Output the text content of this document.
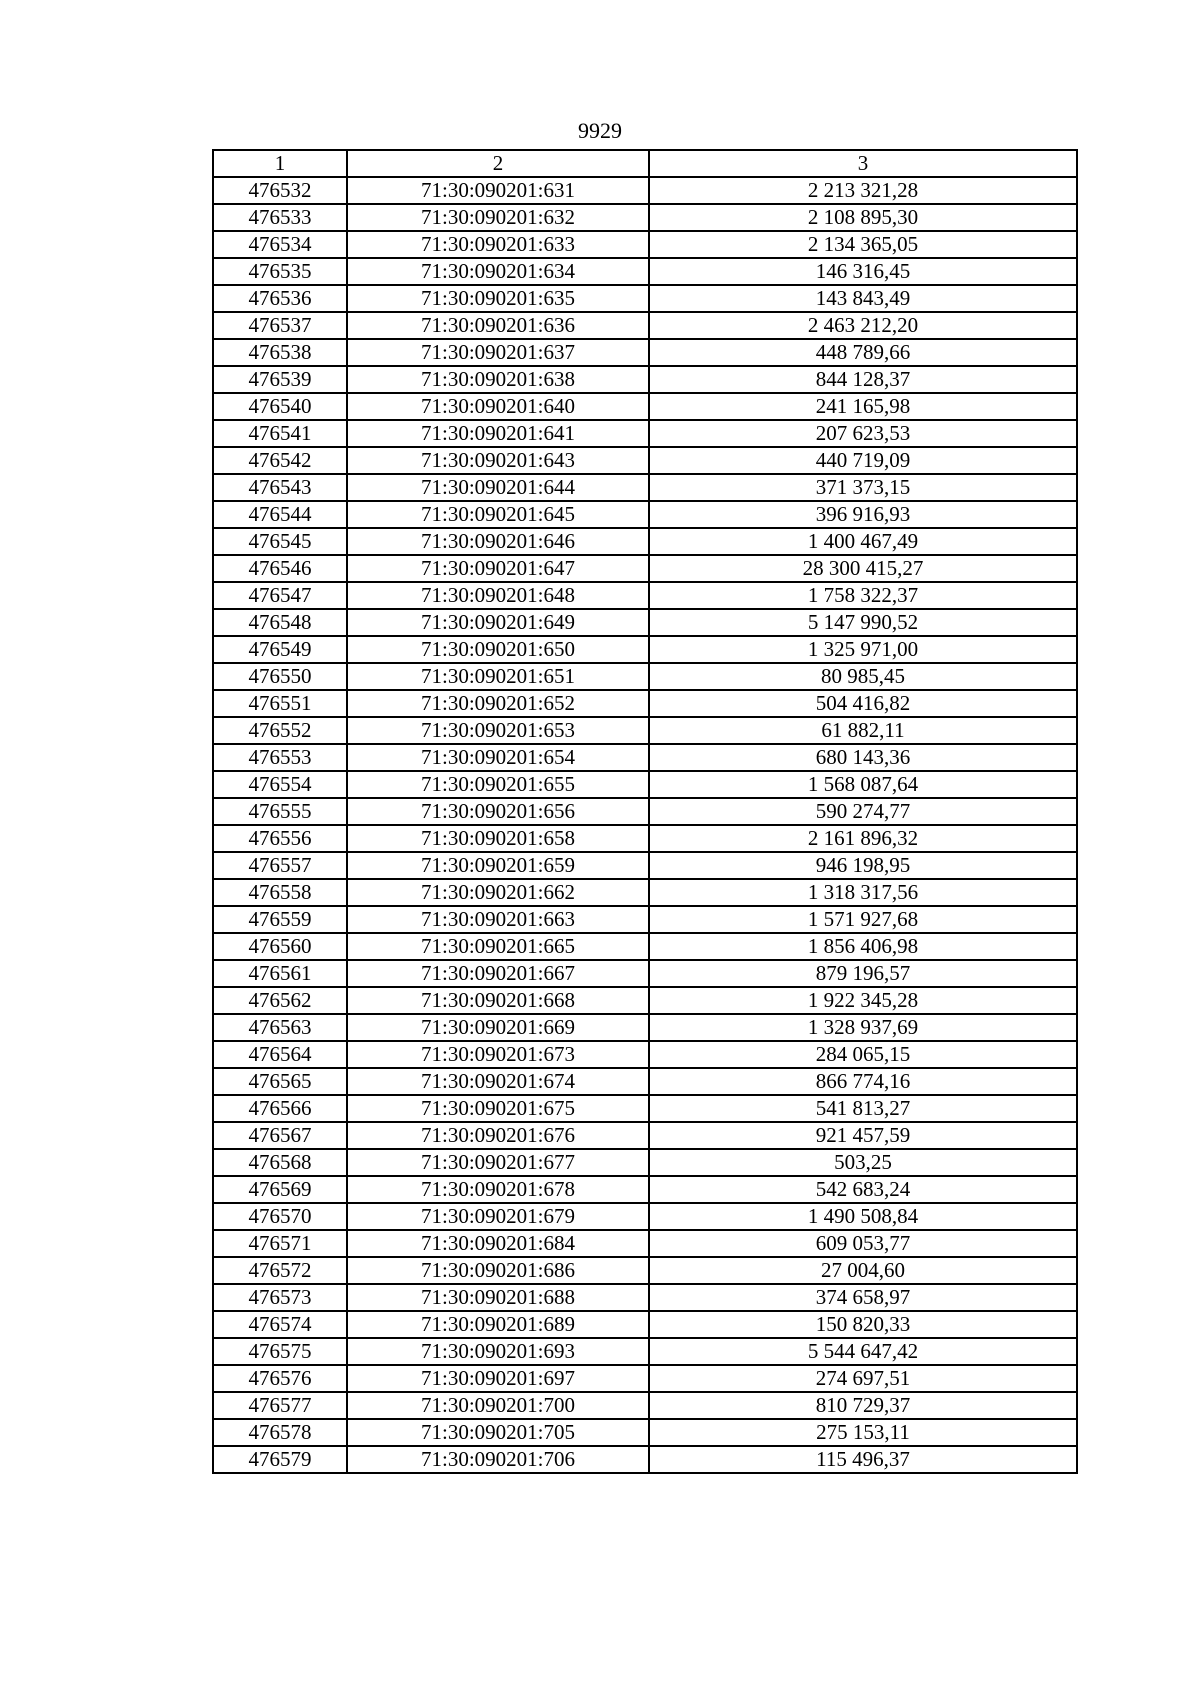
9929
1	2	3
476532	71:30:090201:631	2 213 321,28
476533	71:30:090201:632	2 108 895,30
476534	71:30:090201:633	2 134 365,05
476535	71:30:090201:634	146 316,45
476536	71:30:090201:635	143 843,49
476537	71:30:090201:636	2 463 212,20
476538	71:30:090201:637	448 789,66
476539	71:30:090201:638	844 128,37
476540	71:30:090201:640	241 165,98
476541	71:30:090201:641	207 623,53
476542	71:30:090201:643	440 719,09
476543	71:30:090201:644	371 373,15
476544	71:30:090201:645	396 916,93
476545	71:30:090201:646	1 400 467,49
476546	71:30:090201:647	28 300 415,27
476547	71:30:090201:648	1 758 322,37
476548	71:30:090201:649	5 147 990,52
476549	71:30:090201:650	1 325 971,00
476550	71:30:090201:651	80 985,45
476551	71:30:090201:652	504 416,82
476552	71:30:090201:653	61 882,11
476553	71:30:090201:654	680 143,36
476554	71:30:090201:655	1 568 087,64
476555	71:30:090201:656	590 274,77
476556	71:30:090201:658	2 161 896,32
476557	71:30:090201:659	946 198,95
476558	71:30:090201:662	1 318 317,56
476559	71:30:090201:663	1 571 927,68
476560	71:30:090201:665	1 856 406,98
476561	71:30:090201:667	879 196,57
476562	71:30:090201:668	1 922 345,28
476563	71:30:090201:669	1 328 937,69
476564	71:30:090201:673	284 065,15
476565	71:30:090201:674	866 774,16
476566	71:30:090201:675	541 813,27
476567	71:30:090201:676	921 457,59
476568	71:30:090201:677	503,25
476569	71:30:090201:678	542 683,24
476570	71:30:090201:679	1 490 508,84
476571	71:30:090201:684	609 053,77
476572	71:30:090201:686	27 004,60
476573	71:30:090201:688	374 658,97
476574	71:30:090201:689	150 820,33
476575	71:30:090201:693	5 544 647,42
476576	71:30:090201:697	274 697,51
476577	71:30:090201:700	810 729,37
476578	71:30:090201:705	275 153,11
476579	71:30:090201:706	115 496,37
